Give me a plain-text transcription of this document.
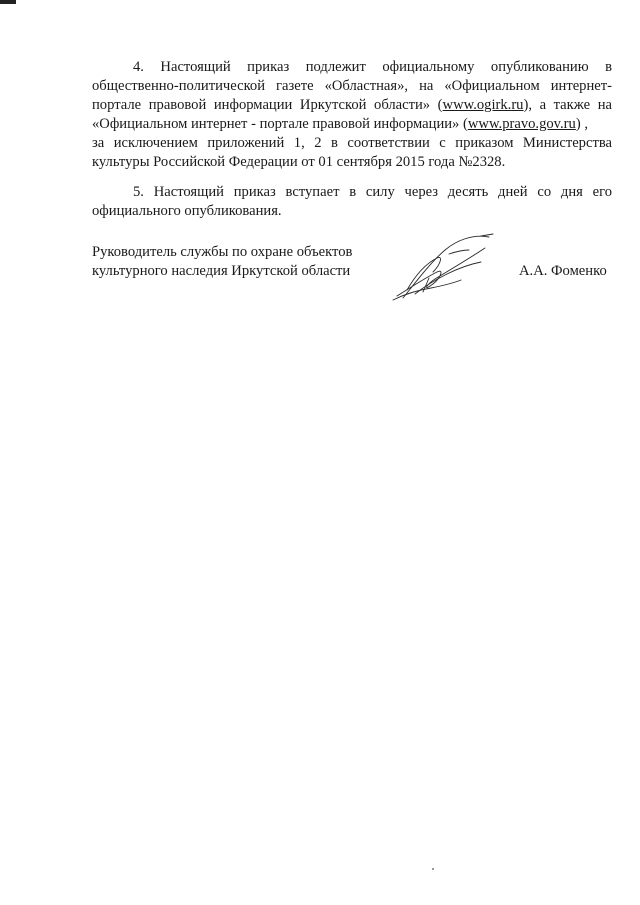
4. Настоящий приказ подлежит официальному опубликованию в
общественно-политической газете «Областная», на «Официальном интернет-
портале правовой информации Иркутской области» (www.ogirk.ru), а также на
«Официальном интернет - портале правовой информации» (www.pravo.gov.ru) ,
за исключением приложений 1, 2 в соответствии с приказом Министерства
культуры Российской Федерации от 01 сентября 2015 года №2328.

5. Настоящий приказ вступает в силу через десять дней со дня его
официального опубликования.

Руководитель службы по охране объектов
культурного наследия Иркутской области	А.А. Фоменко
